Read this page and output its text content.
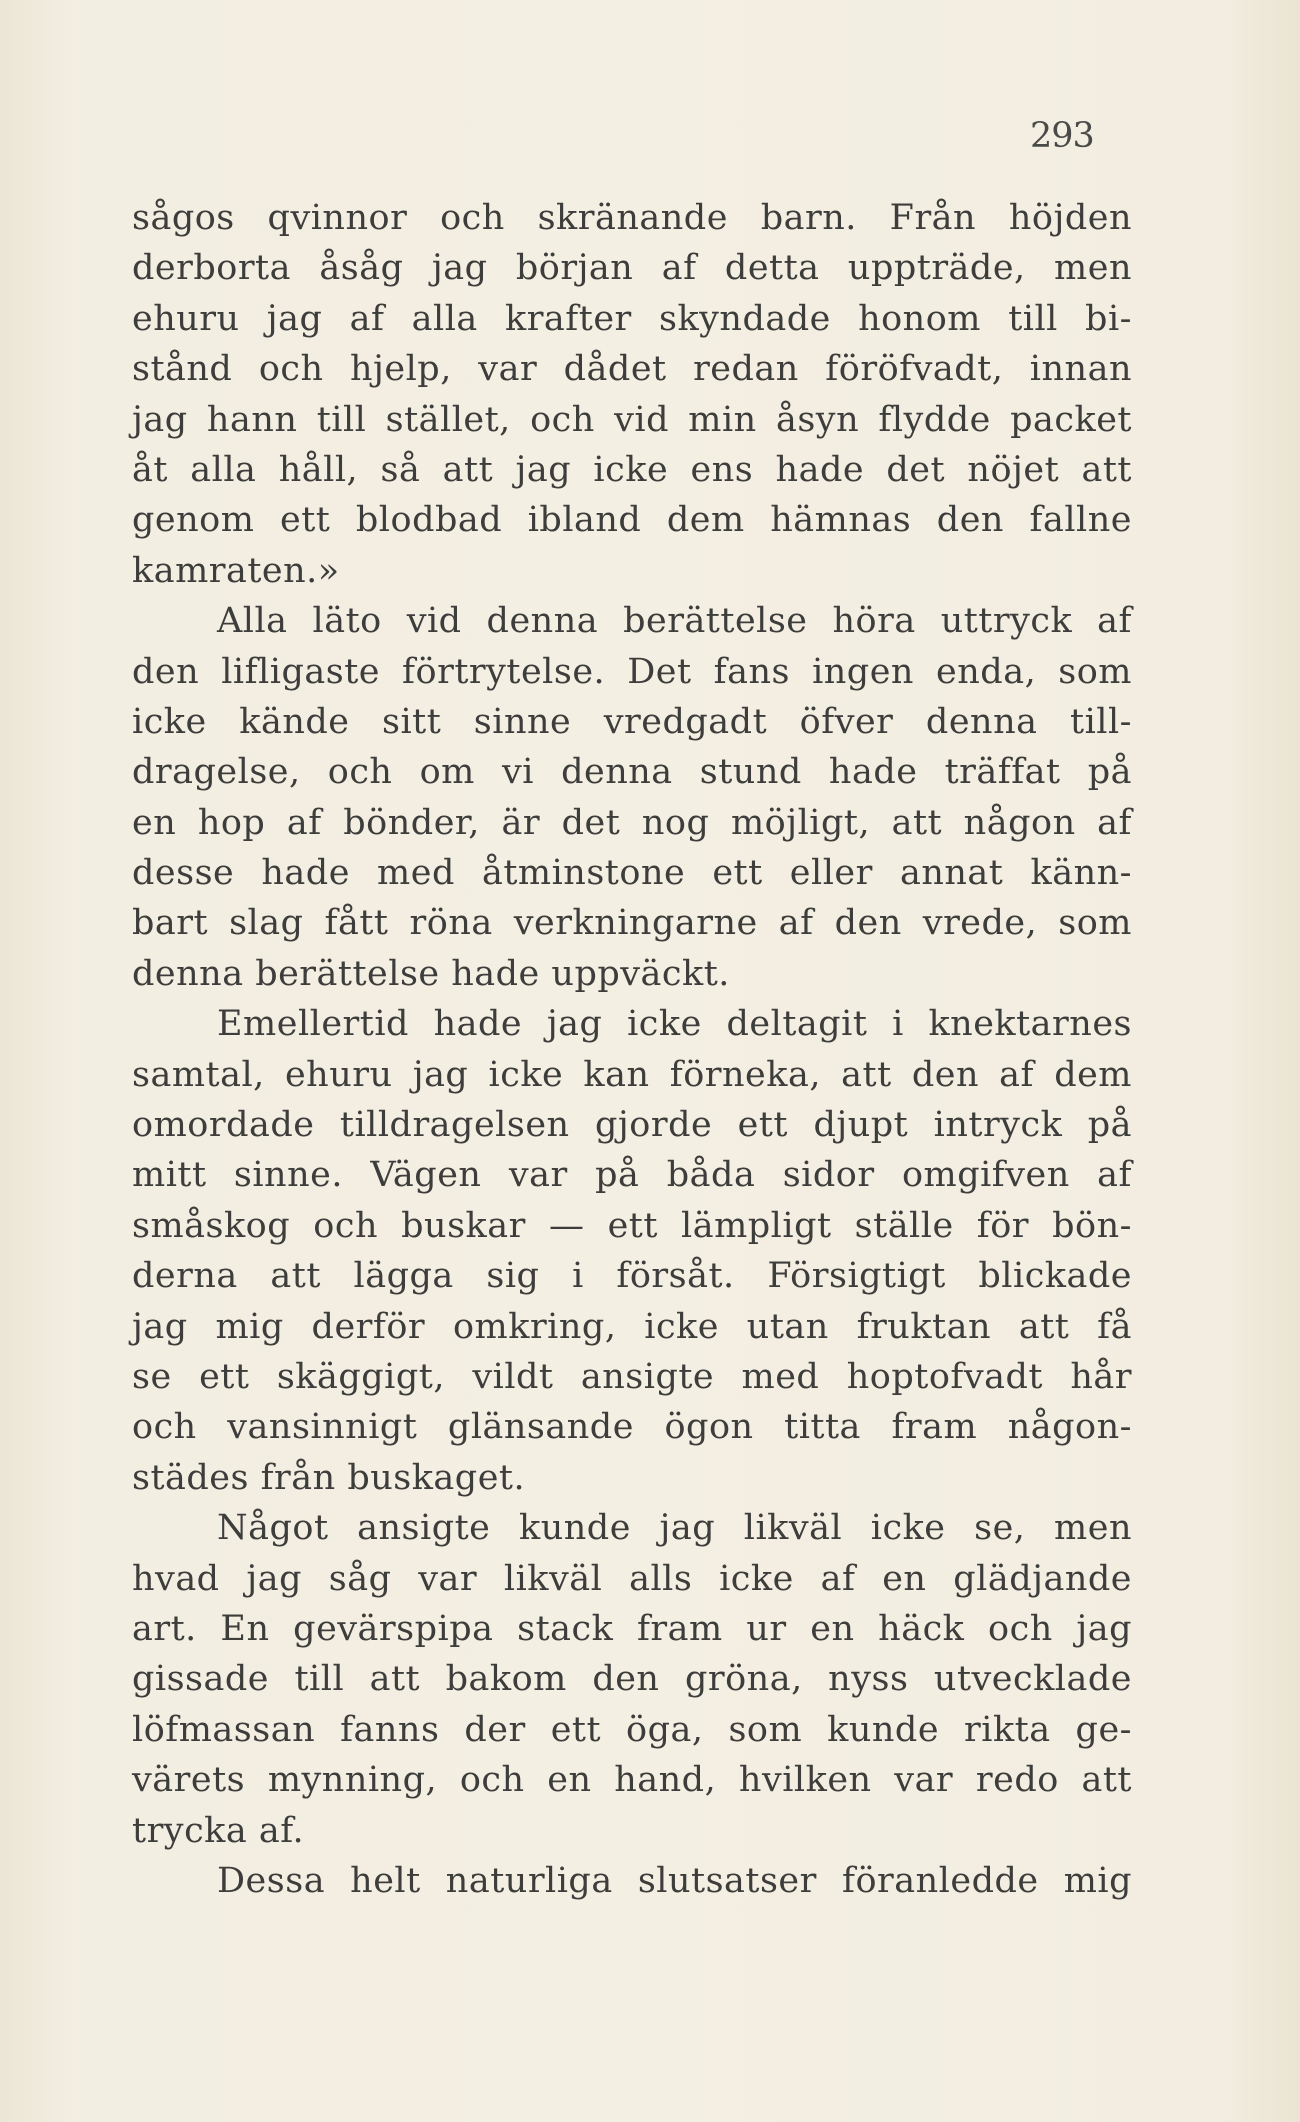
293
sågos qvinnor och skränande barn. Från höjden
derborta åsåg jag början af detta uppträde, men
ehuru jag af alla krafter skyndade honom till bi-
stånd och hjelp, var dådet redan föröfvadt, innan
jag hann till stället, och vid min åsyn flydde packet
åt alla håll, så att jag icke ens hade det nöjet att
genom ett blodbad ibland dem hämnas den fallne
kamraten.»
Alla läto vid denna berättelse höra uttryck af
den lifligaste förtrytelse. Det fans ingen enda, som
icke kände sitt sinne vredgadt öfver denna till-
dragelse, och om vi denna stund hade träffat på
en hop af bönder, är det nog möjligt, att någon af
desse hade med åtminstone ett eller annat känn-
bart slag fått röna verkningarne af den vrede, som
denna berättelse hade uppväckt.
Emellertid hade jag icke deltagit i knektarnes
samtal, ehuru jag icke kan förneka, att den af dem
omordade tilldragelsen gjorde ett djupt intryck på
mitt sinne. Vägen var på båda sidor omgifven af
småskog och buskar — ett lämpligt ställe för bön-
derna att lägga sig i försåt. Försigtigt blickade
jag mig derför omkring, icke utan fruktan att få
se ett skäggigt, vildt ansigte med hoptofvadt hår
och vansinnigt glänsande ögon titta fram någon-
städes från buskaget.
Något ansigte kunde jag likväl icke se, men
hvad jag såg var likväl alls icke af en glädjande
art. En gevärspipa stack fram ur en häck och jag
gissade till att bakom den gröna, nyss utvecklade
löfmassan fanns der ett öga, som kunde rikta ge-
värets mynning, och en hand, hvilken var redo att
trycka af.
Dessa helt naturliga slutsatser föranledde mig
